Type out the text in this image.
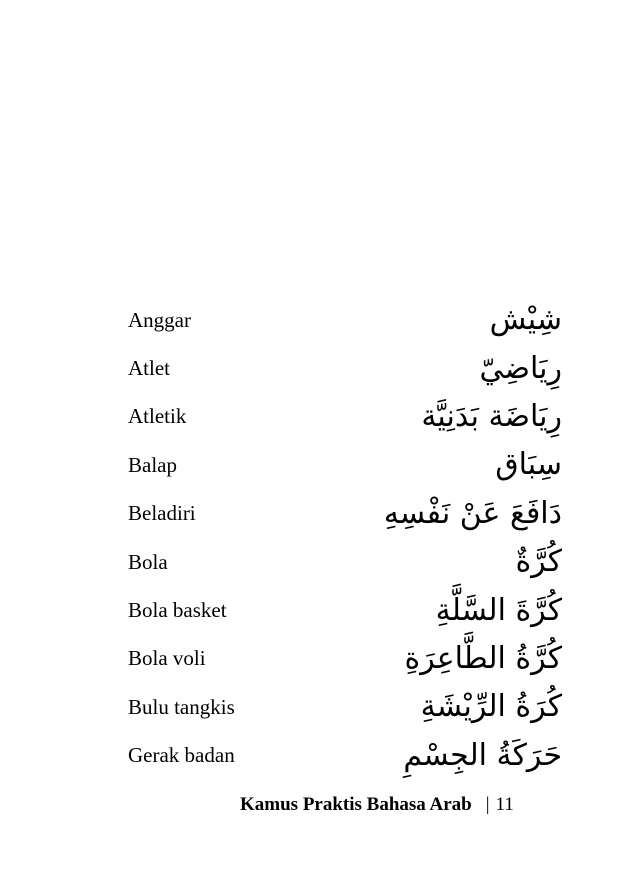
Anggar	شِيْش
Atlet	رِيَاضِيّ
Atletik	رِيَاضَة بَدَنِيَّة
Balap	سِبَاق
Beladiri	دَافَعَ عَنْ نَفْسِهِ
Bola	كُرَّةٌ
Bola basket	كُرَّةَ السَّلَّةِ
Bola voli	كُرَّةُ الطَّاعِرَةِ
Bulu tangkis	كُرَةُ الرِّيْشَةِ
Gerak badan	حَرَكَةُ الجِسْمِ
Kamus Praktis Bahasa Arab | 11
